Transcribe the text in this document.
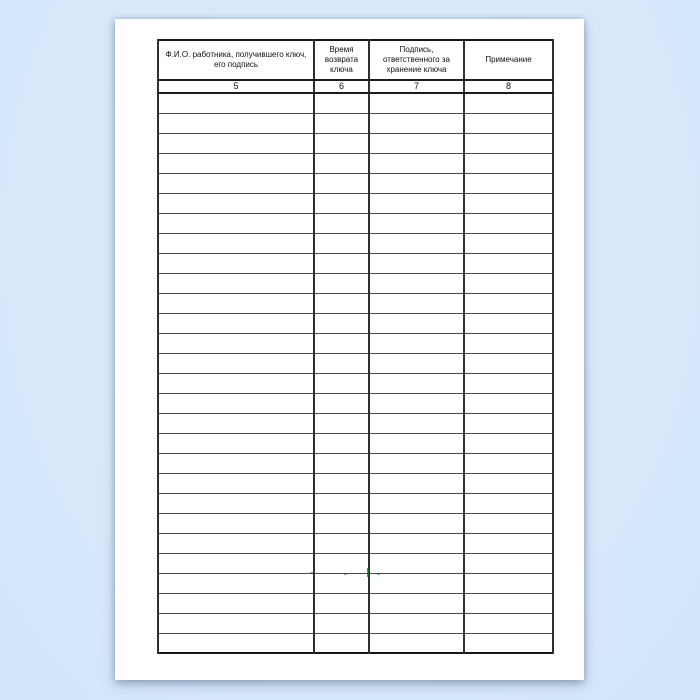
Ф.И.О. работника, получившего ключ, его подпись	Время возврата ключа	Подпись, ответственного за хранение ключа	Примечание
5	6	7	8
